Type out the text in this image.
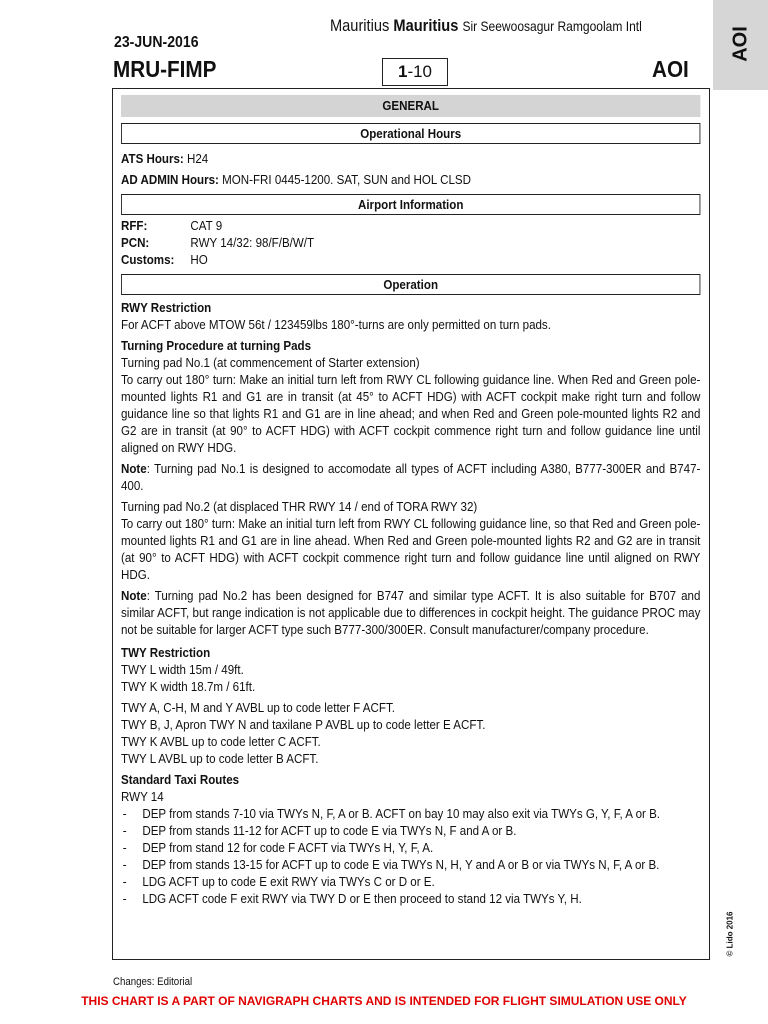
Mauritius Mauritius Sir Seewoosagur Ramgoolam Intl
23-JUN-2016
MRU-FIMP	1-10	AOI
AOI
© Lido 2016
GENERAL
Operational Hours
ATS Hours: H24
AD ADMIN Hours: MON-FRI 0445-1200. SAT, SUN and HOL CLSD
Airport Information
RFF:	CAT 9
PCN:	RWY 14/32: 98/F/B/W/T
Customs:	HO
Operation
RWY Restriction
For ACFT above MTOW 56t / 123459lbs 180°-turns are only permitted on turn pads.
Turning Procedure at turning Pads
Turning pad No.1 (at commencement of Starter extension)
To carry out 180° turn: Make an initial turn left from RWY CL following guidance line. When Red and Green pole-mounted lights R1 and G1 are in transit (at 45° to ACFT HDG) with ACFT cockpit make right turn and follow guidance line so that lights R1 and G1 are in line ahead; and when Red and Green pole-mounted lights R2 and G2 are in transit (at 90° to ACFT HDG) with ACFT cockpit commence right turn and follow guidance line until aligned on RWY HDG.
Note: Turning pad No.1 is designed to accomodate all types of ACFT including A380, B777-300ER and B747-400.
Turning pad No.2 (at displaced THR RWY 14 / end of TORA RWY 32)
To carry out 180° turn: Make an initial turn left from RWY CL following guidance line, so that Red and Green pole-mounted lights R1 and G1 are in line ahead. When Red and Green pole-mounted lights R2 and G2 are in transit (at 90° to ACFT HDG) with ACFT cockpit commence right turn and follow guidance line until aligned on RWY HDG.
Note: Turning pad No.2 has been designed for B747 and similar type ACFT. It is also suitable for B707 and similar ACFT, but range indication is not applicable due to differences in cockpit height. The guidance PROC may not be suitable for larger ACFT type such B777-300/300ER. Consult manufacturer/company procedure.
TWY Restriction
TWY L width 15m / 49ft.
TWY K width 18.7m / 61ft.
TWY A, C-H, M and Y AVBL up to code letter F ACFT.
TWY B, J, Apron TWY N and taxilane P AVBL up to code letter E ACFT.
TWY K AVBL up to code letter C ACFT.
TWY L AVBL up to code letter B ACFT.
Standard Taxi Routes
RWY 14
- DEP from stands 7-10 via TWYs N, F, A or B. ACFT on bay 10 may also exit via TWYs G, Y, F, A or B.
- DEP from stands 11-12 for ACFT up to code E via TWYs N, F and A or B.
- DEP from stand 12 for code F ACFT via TWYs H, Y, F, A.
- DEP from stands 13-15 for ACFT up to code E via TWYs N, H, Y and A or B or via TWYs N, F, A or B.
- LDG ACFT up to code E exit RWY via TWYs C or D or E.
- LDG ACFT code F exit RWY via TWY D or E then proceed to stand 12 via TWYs Y, H.
Changes: Editorial
THIS CHART IS A PART OF NAVIGRAPH CHARTS AND IS INTENDED FOR FLIGHT SIMULATION USE ONLY
